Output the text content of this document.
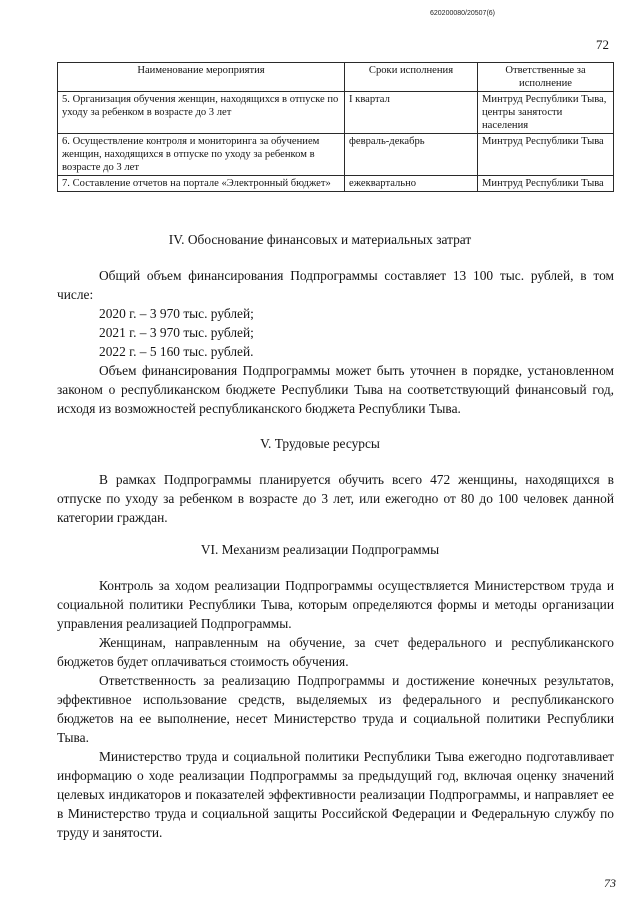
620200080/20507(6)
72
Наименование мероприятия	Сроки исполнения	Ответственные за исполнение
5. Организация обучения женщин, находящихся в отпуске по уходу за ребенком в возрасте до 3 лет	I квартал	Минтруд Республики Тыва, центры занятости населения
6. Осуществление контроля и мониторинга за обучением женщин, находящихся в отпуске по уходу за ребенком в возрасте до 3 лет	февраль-декабрь	Минтруд Республики Тыва
7. Составление отчетов на портале «Электронный бюджет»	ежеквартально	Минтруд Республики Тыва
IV. Обоснование финансовых и материальных затрат

Общий объем финансирования Подпрограммы составляет 13 100 тыс. рублей, в том числе:

2020 г. – 3 970 тыс. рублей;
2021 г. – 3 970 тыс. рублей;
2022 г. – 5 160 тыс. рублей.

Объем финансирования Подпрограммы может быть уточнен в порядке, установленном законом о республиканском бюджете Республики Тыва на соответствующий финансовый год, исходя из возможностей республиканского бюджета Республики Тыва.

V. Трудовые ресурсы

В рамках Подпрограммы планируется обучить всего 472 женщины, находящихся в отпуске по уходу за ребенком в возрасте до 3 лет, или ежегодно от 80 до 100 человек данной категории граждан.

VI. Механизм реализации Подпрограммы

Контроль за ходом реализации Подпрограммы осуществляется Министерством труда и социальной политики Республики Тыва, которым определяются формы и методы организации управления реализацией Подпрограммы.

Женщинам, направленным на обучение, за счет федерального и республиканского бюджетов будет оплачиваться стоимость обучения.

Ответственность за реализацию Подпрограммы и достижение конечных результатов, эффективное использование средств, выделяемых из федерального и республиканского бюджетов на ее выполнение, несет Министерство труда и социальной политики Республики Тыва.

Министерство труда и социальной политики Республики Тыва ежегодно подготавливает информацию о ходе реализации Подпрограммы за предыдущий год, включая оценку значений целевых индикаторов и показателей эффективности реализации Подпрограммы, и направляет ее в Министерство труда и социальной защиты Российской Федерации и Федеральную службу по труду и занятости.

73
